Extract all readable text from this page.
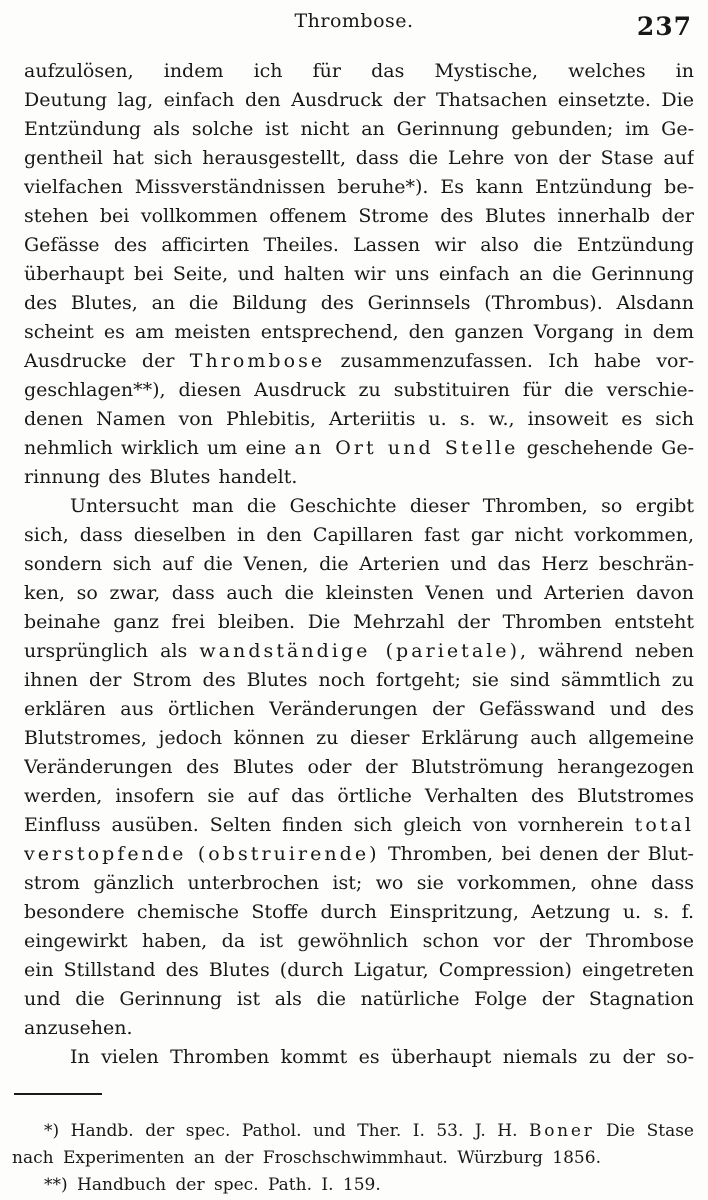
Thrombose.	237
aufzulösen, indem ich für das Mystische, welches in
Deutung lag, einfach den Ausdruck der Thatsachen einsetzte. Die
Entzündung als solche ist nicht an Gerinnung gebunden; im Ge-
gentheil hat sich herausgestellt, dass die Lehre von der Stase auf
vielfachen Missverständnissen beruhe*). Es kann Entzündung be-
stehen bei vollkommen offenem Strome des Blutes innerhalb der
Gefässe des afficirten Theiles. Lassen wir also die Entzündung
überhaupt bei Seite, und halten wir uns einfach an die Gerinnung
des Blutes, an die Bildung des Gerinnsels (Thrombus). Alsdann
scheint es am meisten entsprechend, den ganzen Vorgang in dem
Ausdrucke der Thrombose zusammenzufassen. Ich habe vor-
geschlagen**), diesen Ausdruck zu substituiren für die verschie-
denen Namen von Phlebitis, Arteriitis u. s. w., insoweit es sich
nehmlich wirklich um eine an Ort und Stelle geschehende Ge-
rinnung des Blutes handelt.
Untersucht man die Geschichte dieser Thromben, so ergibt
sich, dass dieselben in den Capillaren fast gar nicht vorkommen,
sondern sich auf die Venen, die Arterien und das Herz beschrän-
ken, so zwar, dass auch die kleinsten Venen und Arterien davon
beinahe ganz frei bleiben. Die Mehrzahl der Thromben entsteht
ursprünglich als wandständige (parietale), während neben
ihnen der Strom des Blutes noch fortgeht; sie sind sämmtlich zu
erklären aus örtlichen Veränderungen der Gefässwand und des
Blutstromes, jedoch können zu dieser Erklärung auch allgemeine
Veränderungen des Blutes oder der Blutströmung herangezogen
werden, insofern sie auf das örtliche Verhalten des Blutstromes
Einfluss ausüben. Selten finden sich gleich von vornherein total
verstopfende (obstruirende) Thromben, bei denen der Blut-
strom gänzlich unterbrochen ist; wo sie vorkommen, ohne dass
besondere chemische Stoffe durch Einspritzung, Aetzung u. s. f.
eingewirkt haben, da ist gewöhnlich schon vor der Thrombose
ein Stillstand des Blutes (durch Ligatur, Compression) eingetreten
und die Gerinnung ist als die natürliche Folge der Stagnation
anzusehen.
In vielen Thromben kommt es überhaupt niemals zu der so-
*) Handb. der spec. Pathol. und Ther. I. 53. J. H. Boner Die Stase
nach Experimenten an der Froschschwimmhaut. Würzburg 1856.
**) Handbuch der spec. Path. I. 159.
